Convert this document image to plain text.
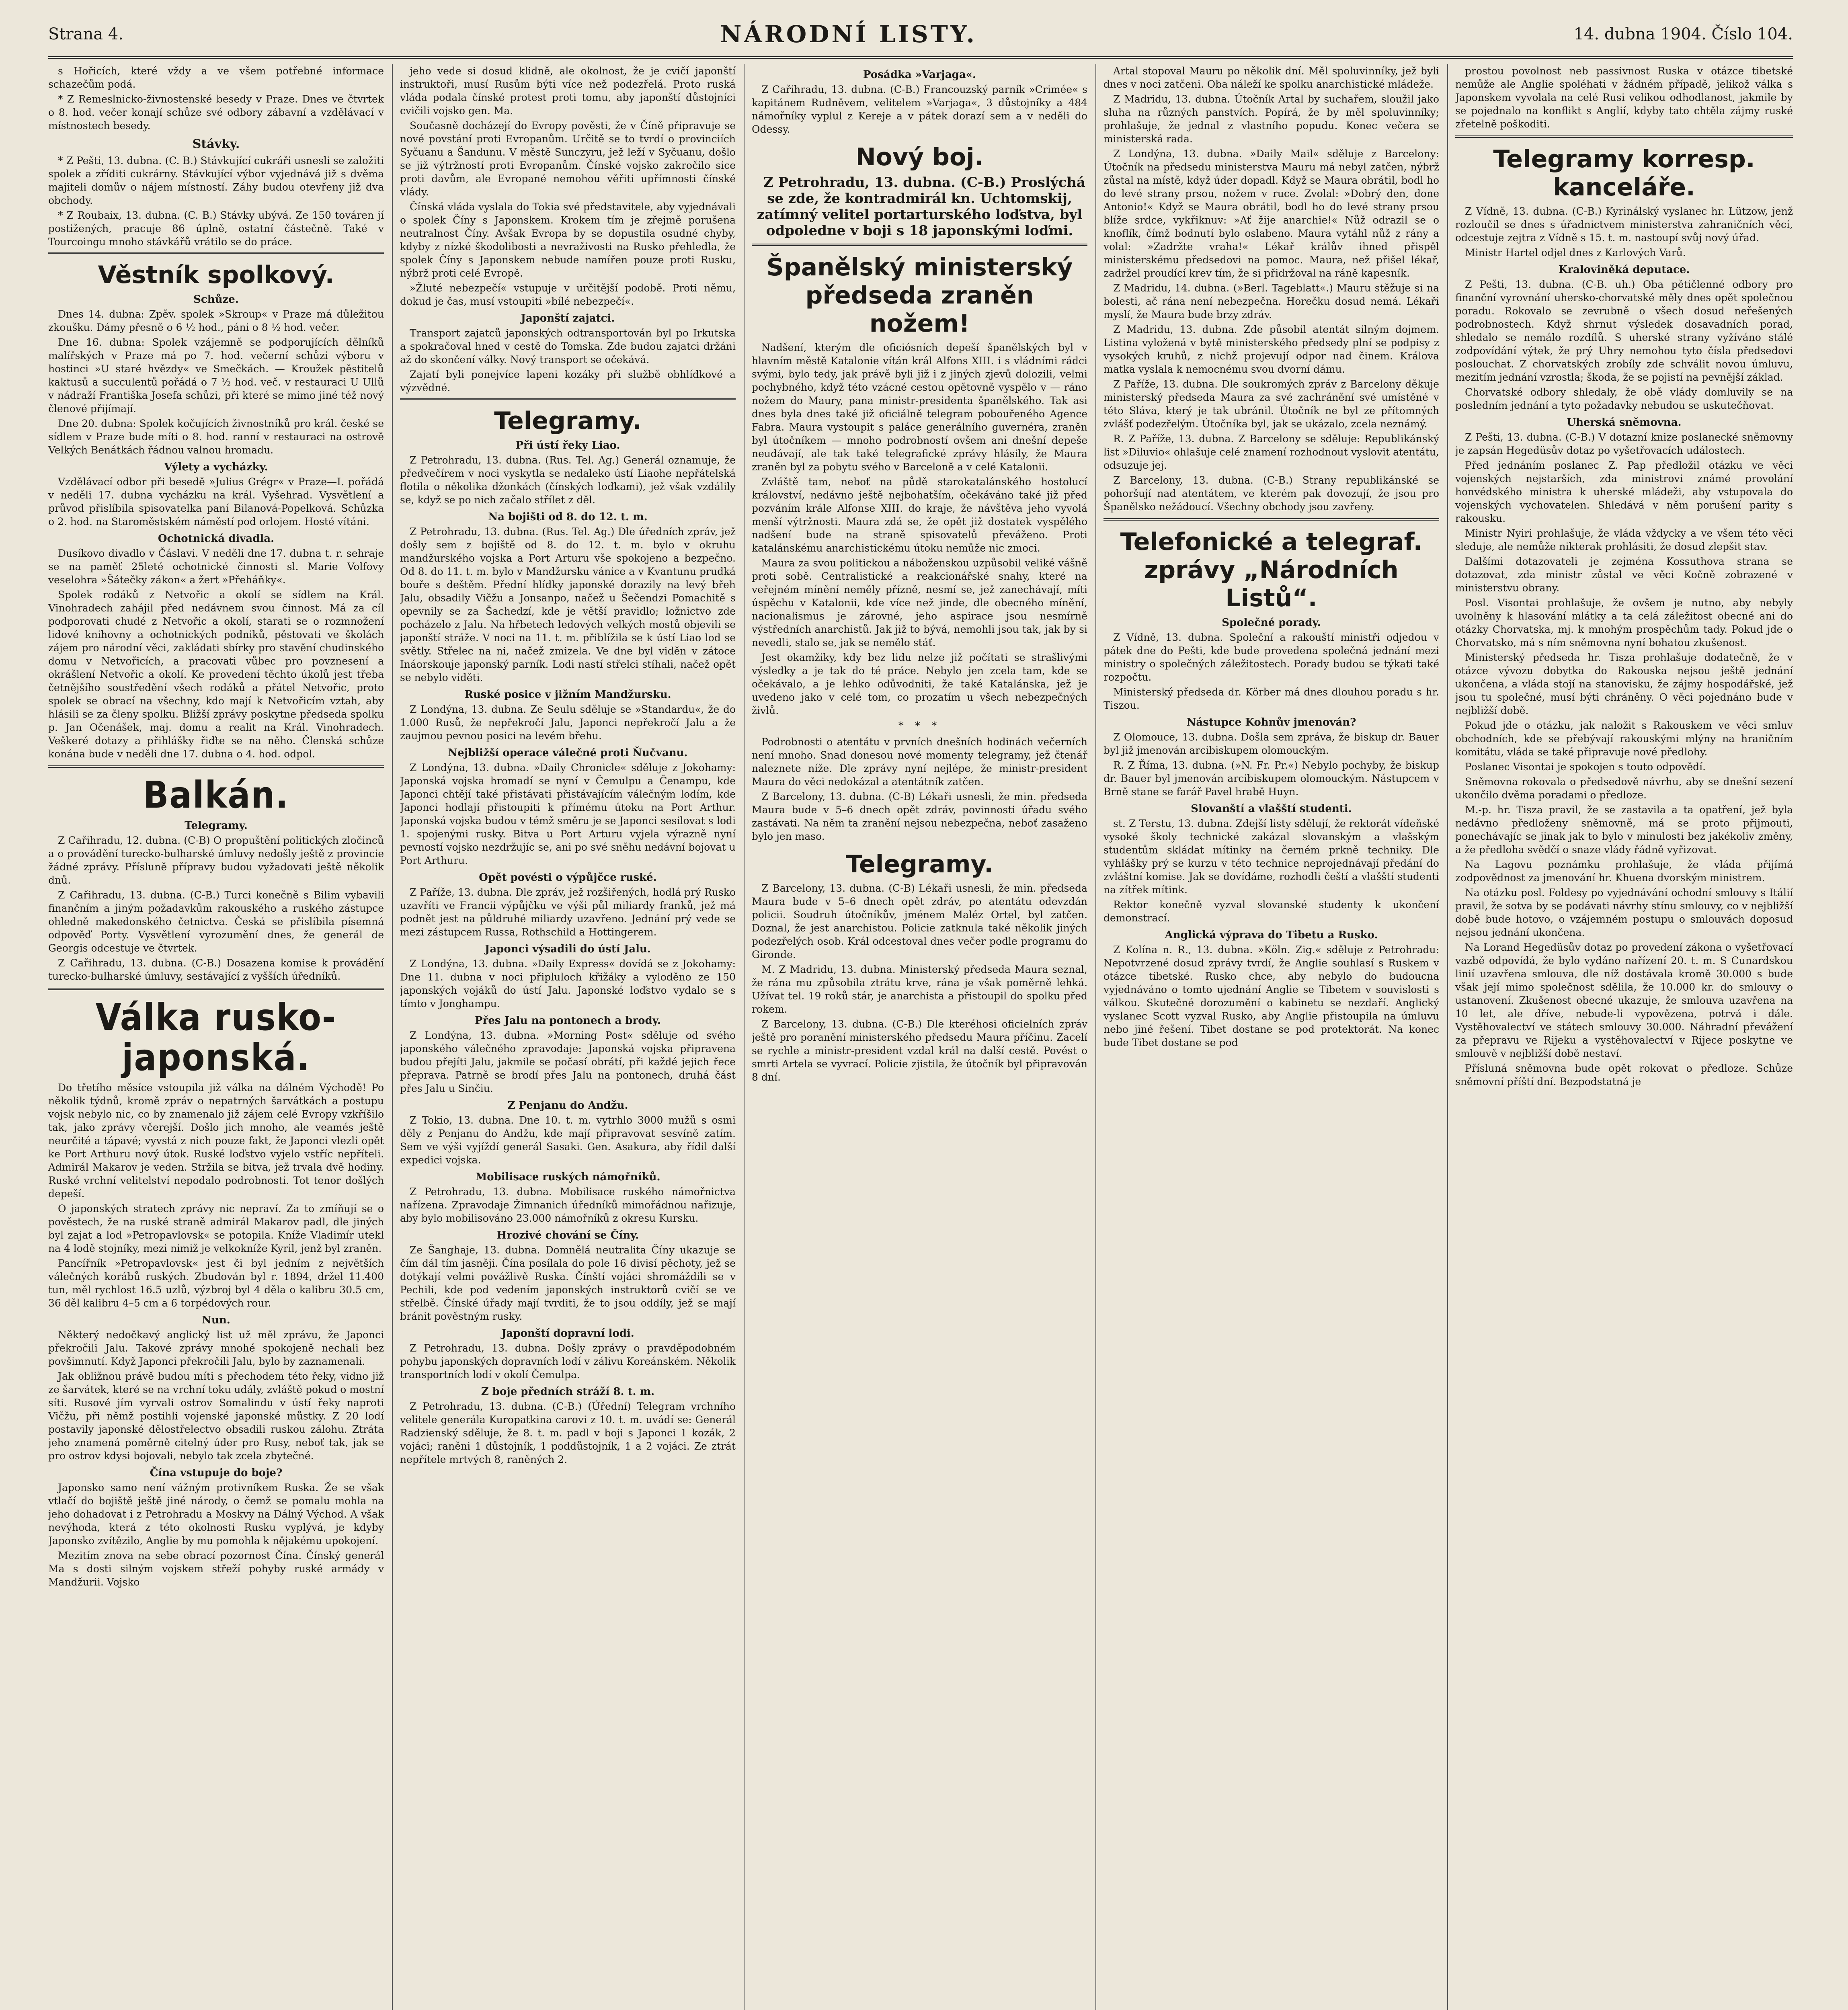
Strana 4.	NÁRODNÍ LISTY.	14. dubna 1904. Číslo 104.

s Hořicích, které vždy a ve všem potřebné informace schazečům podá.

* Z Remeslnicko-živnostenské besedy v Praze. Dnes ve čtvrtek o 8. hod. večer konají schůze své odbory zábavní a vzdělávací v místnostech besedy.

Stávky.

* Z Pešti, 13. dubna. (C. B.) Stávkující cukráři usnesli se založiti spolek a zříditi cukrárny. Stávkující výbor vyjednává již s dvěma majiteli domův o nájem místností. Záhy budou otevřeny již dva obchody.

* Z Roubaix, 13. dubna. (C. B.) Stávky ubývá. Ze 150 továren jí postižených, pracuje 86 úplně, ostatní částečně. Také v Tourcoingu mnoho stávkářů vrátilo se do práce.

Věstník spolkový.
Schůze.

Dnes 14. dubna: Zpěv. spolek »Skroup« v Praze má důležitou zkoušku. Dámy přesně o 6 ½ hod., páni o 8 ½ hod. večer.

Dne 16. dubna: Spolek vzájemně se podporujících dělníků malířských v Praze má po 7. hod. večerní schůzi výboru v hostinci »U staré hvězdy« ve Smečkách. — Kroužek pěstitelů kaktusů a succulentů pořádá o 7 ½ hod. več. v restauraci U Ullů v nádraží Františka Josefa schůzi, při které se mimo jiné též nový členové přijímají.

Dne 20. dubna: Spolek kočujících živnostníků pro král. české se sídlem v Praze bude míti o 8. hod. ranní v restauraci na ostrově Velkých Benátkách řádnou valnou hromadu.

Výlety a vycházky.

Vzdělávací odbor při besedě »Julius Grégr« v Praze—I. pořádá v neděli 17. dubna vycházku na král. Vyšehrad. Vysvětlení a průvod přislíbila spisovatelka paní Bilanová-Popelková. Schůzka o 2. hod. na Staroměstském náměstí pod orlojem. Hosté vítáni.

Ochotnická divadla.

Dusíkovo divadlo v Čáslavi. V neděli dne 17. dubna t. r. sehraje se na paměť 25leté ochotnické činnosti sl. Marie Volfovy veselohra »Šátečky zákon« a žert »Přeháňky«.

Spolek rodáků z Netvořic a okolí se sídlem na Král. Vinohradech zahájil před nedávnem svou činnost. Má za cíl podporovati chudé z Netvořic a okolí, starati se o rozmnožení lidové knihovny a ochotnických podniků, pěstovati ve školách zájem pro národní věci, zakládati sbírky pro stavění chudinského domu v Netvořicích, a pracovati vůbec pro povznesení a okrášlení Netvořic a okolí. Ke provedení těchto úkolů jest třeba četnějšího soustředění všech rodáků a přátel Netvořic, proto spolek se obrací na všechny, kdo mají k Netvořicím vztah, aby hlásili se za členy spolku. Bližší zprávy poskytne předseda spolku p. Jan Očenášek, maj. domu a realit na Král. Vinohradech. Veškeré dotazy a přihlášky řiďte se na něho. Členská schůze konána bude v neděli dne 17. dubna o 4. hod. odpol.

Balkán.
Telegramy.

Z Cařihradu, 12. dubna. (C-B) O propuštění politických zločinců a o provádění turecko-bulharské úmluvy nedošly ještě z provincie žádné zprávy. Přísluně přípravy budou vyžadovati ještě několik dnů.

Z Cařihradu, 13. dubna. (C-B.) Turci konečně s Bilim vybavili finančním a jiným požadavkům rakouského a ruského zástupce ohledně makedonského četnictva. Česká se přislíbila písemná odpověď Porty. Vysvětlení vyrozumění dnes, že generál de Georgis odcestuje ve čtvrtek.

Z Cařihradu, 13. dubna. (C-B.) Dosazena komise k provádění turecko-bulharské úmluvy, sestávající z vyšších úředníků.

Válka rusko-japonská.

Do třetího měsíce vstoupila již válka na dálném Východě! Po několik týdnů, kromě zpráv o nepatrných šarvátkách a postupu vojsk nebylo nic, co by znamenalo již zájem celé Evropy vzkříšilo tak, jako zprávy včerejší. Došlo jich mnoho, ale veamés ještě neurčité a tápavé; vyvstá z nich pouze fakt, že Japonci vlezli opět ke Port Arthuru nový útok. Ruské loďstvo vyjelo vstříc nepříteli. Admirál Makarov je veden. Stržila se bitva, jež trvala dvě hodiny. Ruské vrchní velitelství nepodalo podrobnosti. Tot tenor došlých depeší.

O japonských stratech zprávy nic nepraví. Za to zmíňují se o pověstech, že na ruské straně admirál Makarov padl, dle jiných byl zajat a lod »Petropavlovsk« se potopila. Kníže Vladimír utekl na 4 lodě stojníky, mezi nimiž je velkokníže Kyril, jenž byl zraněn.

Pancířník »Petropavlovsk« jest či byl jedním z největších válečných korábů ruských. Zbudován byl r. 1894, držel 11.400 tun, měl rychlost 16.5 uzlů, výzbroj byl 4 děla o kalibru 30.5 cm, 36 děl kalibru 4–5 cm a 6 torpédových rour.

Nun.

Některý nedočkavý anglický list už měl zprávu, že Japonci překročili Jalu. Takové zprávy mnohé spokojeně nechali bez povšimnutí. Když Japonci překročili Jalu, bylo by zaznamenali.

Jak obližnou právě budou míti s přechodem této řeky, vidno již ze šarvátek, které se na vrchní toku udály, zvláště pokud o mostní síti. Rusové jím vyrvali ostrov Somalindu v ústí řeky naproti Vičžu, při němž postihli vojenské japonské můstky. Z 20 lodí postavily japonské dělostřelectvo obsadili ruskou zálohu. Ztráta jeho znamená poměrně citelný úder pro Rusy, neboť tak, jak se pro ostrov kdysi bojovali, nebylo tak zcela zbytečné.

Čína vstupuje do boje?

Japonsko samo není vážným protivníkem Ruska. Že se však vtlačí do bojiště ještě jiné národy, o čemž se pomalu mohla na jeho dohadovat i z Petrohradu a Moskvy na Dálný Východ. A však nevýhoda, která z této okolnosti Rusku vyplývá, je kdyby Japonsko zvítězilo, Anglie by mu pomohla k nějakému upokojení.

Mezitím znova na sebe obrací pozornost Čína. Čínský generál Ma s dosti silným vojskem střeží pohyby ruské armády v Mandžurii. Vojsko

jeho vede si dosud klidně, ale okolnost, že je cvičí japonští instruktoři, musí Rusům býti více než podezřelá. Proto ruská vláda podala čínské protest proti tomu, aby japonští důstojníci cvičili vojsko gen. Ma.

Současně docházejí do Evropy pověsti, že v Číně připravuje se nové povstání proti Evropanům. Určitě se to tvrdí o provinciích Syčuanu a Šandunu. V městě Sunczyru, jež leží v Syčuanu, došlo se již výtržností proti Evropanům. Čínské vojsko zakročilo sice proti davům, ale Evropané nemohou věřiti upřímnosti čínské vlády.

Čínská vláda vyslala do Tokia své představitele, aby vyjednávali o spolek Číny s Japonskem. Krokem tím je zřejmě porušena neutralnost Číny. Avšak Evropa by se dopustila osudné chyby, kdyby z nízké škodolibosti a nevraživosti na Rusko přehledla, že spolek Číny s Japonskem nebude namířen pouze proti Rusku, nýbrž proti celé Evropě.

»Žluté nebezpečí« vstupuje v určitější podobě. Proti němu, dokud je čas, musí vstoupiti »bílé nebezpečí«.

Japonští zajatci.

Transport zajatců japonských odtransportován byl po Irkutska a spokračoval hned v cestě do Tomska. Zde budou zajatci držáni až do skončení války. Nový transport se očekává.

Zajatí byli ponejvíce lapeni kozáky při službě obhlídkové a výzvědné.

Telegramy.
Při ústí řeky Liao.

Z Petrohradu, 13. dubna. (Rus. Tel. Ag.) Generál oznamuje, že předvečírem v noci vyskytla se nedaleko ústí Liaohe nepřátelská flotila o několika džonkách (čínských loďkami), jež však vzdálily se, když se po nich začalo střílet z děl.

Na bojišti od 8. do 12. t. m.

Z Petrohradu, 13. dubna. (Rus. Tel. Ag.) Dle úředních zpráv, jež došly sem z bojiště od 8. do 12. t. m. bylo v okruhu mandžurského vojska a Port Arturu vše spokojeno a bezpečno. Od 8. do 11. t. m. bylo v Mandžursku vánice a v Kvantunu prudká bouře s deštěm. Přední hlídky japonské dorazily na levý břeh Jalu, obsadily Vičžu a Jonsanpo, načež u Šečendzi Pomachitě s opevnily se za Šachedzí, kde je větší pravidlo; ložnictvo zde pocházelo z Jalu. Na hřbetech ledových velkých mostů objevili se japonští stráže. V noci na 11. t. m. přiblížila se k ústí Liao lod se světly. Střelec na ni, načež zmizela. Ve dne byl viděn v zátoce Ináorskouje japonský parník. Lodi nastí střelci stíhali, načež opět se nebylo viděti.

Ruské posice v jižním Mandžursku.

Z Londýna, 13. dubna. Ze Seulu sděluje se »Standardu«, že do 1.000 Rusů, že nepřekročí Jalu, Japonci nepřekročí Jalu a že zaujmou pevnou posici na levém břehu.

Nejbližší operace válečné proti Ňučvanu.

Z Londýna, 13. dubna. »Daily Chronicle« sděluje z Jokohamy: Japonská vojska hromadí se nyní v Čemulpu a Čenampu, kde Japonci chtějí také přistávati přistávajícím válečným lodím, kde Japonci hodlají přistoupiti k přímému útoku na Port Arthur. Japonská vojska budou v témž směru je se Japonci sesilovat s lodi 1. spojenými rusky. Bitva u Port Arturu vyjela výrazně nyní pevností vojsko nezdržujíc se, ani po své sněhu nedávní bojovat u Port Arthuru.

Opět povésti o výpůjčce ruské.

Z Paříže, 13. dubna. Dle zpráv, jež rozšiřených, hodlá prý Rusko uzavříti ve Francii výpůjčku ve výši půl miliardy franků, jež má podnět jest na půldruhé miliardy uzavřeno. Jednání prý vede se mezi zástupcem Russa, Rothschild a Hottingerem.

Japonci výsadili do ústí Jalu.

Z Londýna, 13. dubna. »Daily Express« dovídá se z Jokohamy: Dne 11. dubna v noci připluloch křižáky a vyloděno ze 150 japonských vojáků do ústí Jalu. Japonské loďstvo vydalo se s tímto v Jonghampu.

Přes Jalu na pontonech a brody.

Z Londýna, 13. dubna. »Morning Post« sděluje od svého japonského válečného zpravodaje: Japonská vojska připravena budou přejíti Jalu, jakmile se počasí obrátí, při každé jejich řece přeprava. Patrně se brodí přes Jalu na pontonech, druhá část přes Jalu u Sinčiu.

Z Penjanu do Andžu.

Z Tokio, 13. dubna. Dne 10. t. m. vytrhlo 3000 mužů s osmi děly z Penjanu do Andžu, kde mají připravovat sesvíně zatím. Sem ve výši vyjíždí generál Sasaki. Gen. Asakura, aby řídil další expedici vojska.

Mobilisace ruských námořníků.

Z Petrohradu, 13. dubna. Mobilisace ruského námořnictva nařízena. Zpravodaje Žimnanich úředníků mimořádnou nařizuje, aby bylo mobilisováno 23.000 námořníků z okresu Kursku.

Hrozivé chování se Číny.

Ze Šanghaje, 13. dubna. Domnělá neutralita Číny ukazuje se čím dál tím jasněji. Čína posílala do pole 16 divisí pěchoty, jež se dotýkají velmi povážlivě Ruska. Čínští vojáci shromáždili se v Pechili, kde pod vedením japonských instruktorů cvičí se ve střelbě. Čínské úřady mají tvrditi, že to jsou oddíly, jež se mají bránit pověstným rusky.

Japonští dopravní lodi.

Z Petrohradu, 13. dubna. Došly zprávy o pravděpodobném pohybu japonských dopravních lodí v zálivu Koreánském. Několik transportních lodí v okolí Čemulpa.

Z boje předních stráží 8. t. m.

Z Petrohradu, 13. dubna. (C-B.) (Úřední) Telegram vrchního velitele generála Kuropatkina carovi z 10. t. m. uvádí se: Generál Radzienský sděluje, že 8. t. m. padl v boji s Japonci 1 kozák, 2 vojáci; raněni 1 důstojník, 1 poddůstojník, 1 a 2 vojáci. Ze ztrát nepřítele mrtvých 8, raněných 2.

Posádka »Varjaga«.

Z Cařihradu, 13. dubna. (C-B.) Francouzský parník »Crimée« s kapitánem Rudněvem, velitelem »Varjaga«, 3 důstojníky a 484 námořníky vyplul z Kereje a v pátek dorazí sem a v neděli do Odessy.

Nový boj.

Z Petrohradu, 13. dubna. (C-B.) Proslýchá se zde, že kontradmirál kn. Uchtomskij, zatímný velitel portarturského loďstva, byl odpoledne v boji s 18 japonskými loďmi.

Španělský ministerský předseda zraněn nožem!

Nadšení, kterým dle oficiósních depeší španělských byl v hlavním městě Katalonie vítán král Alfons XIII. i s vládními rádci svými, bylo tedy, jak právě byli již i z jiných zjevů dolozili, velmi pochybného, když této vzácné cestou opětovně vyspělo v — ráno nožem do Maury, pana ministr-presidenta španělského. Tak asi dnes byla dnes také již oficiálně telegram pobouřeného Agence Fabra. Maura vystoupit s paláce generálního guvernéra, zraněn byl útočníkem — mnoho podrobností ovšem ani dnešní depeše neudávají, ale tak také telegrafické zprávy hlásily, že Maura zraněn byl za pobytu svého v Barceloně a v celé Katalonii.

Zvláště tam, neboť na půdě starokatalánského hostolucí království, nedávno ještě nejbohatším, očekáváno také již před pozváním krále Alfonse XIII. do kraje, že návštěva jeho vyvolá menší výtržnosti. Maura zdá se, že opět již dostatek vyspělého nadšení bude na straně spisovatelů převáženo. Proti katalánskému anarchistickému útoku nemůže nic zmoci.

Maura za svou politickou a náboženskou uzpůsobil veliké vášně proti sobě. Centralistické a reakcionářské snahy, které na veřejném mínění neměly přízně, nesmí se, jež zanechávají, míti úspěchu v Katalonii, kde více než jinde, dle obecného mínění, nacionalismus je zárovné, jeho aspirace jsou nesmírně výstředních anarchistů. Jak již to bývá, nemohli jsou tak, jak by si nevedli, stalo se, jak se nemělo stáť.

Jest okamžiky, kdy bez lidu nelze již počítati se strašlivými výsledky a je tak do té práce. Nebylo jen zcela tam, kde se očekávalo, a je lehko odůvodniti, že také Katalánska, jež je uvedeno jako v celé tom, co prozatím u všech nebezpečných živlů.

* * *

Podrobnosti o atentátu v prvních dnešních hodinách večerních není mnoho. Snad donesou nové momenty telegramy, jež čtenář naleznete níže. Dle zprávy nyní nejlépe, že ministr-president Maura do věci nedokázal a atentátník zatčen.

Z Barcelony, 13. dubna. (C-B) Lékaři usnesli, že min. předseda Maura bude v 5–6 dnech opět zdráv, povinnosti úřadu svého zastávati. Na něm ta zranění nejsou nebezpečna, neboť zasaženo bylo jen maso.

Telegramy.

Z Barcelony, 13. dubna. (C-B) Lékaři usnesli, že min. předseda Maura bude v 5–6 dnech opět zdráv, po atentátu odevzdán policii. Soudruh útočníkův, jménem Maléz Ortel, byl zatčen. Doznal, že jest anarchistou. Policie zatknula také několik jiných podezřelých osob. Král odcestoval dnes večer podle programu do Gironde.

M. Z Madridu, 13. dubna. Ministerský předseda Maura seznal, že rána mu způsobila ztrátu krve, rána je však poměrně lehká. Užívat tel. 19 roků stár, je anarchista a přistoupil do spolku před rokem.

Z Barcelony, 13. dubna. (C-B.) Dle kteréhosi oficielních zpráv ještě pro poranění ministerského předsedu Maura příčinu. Zacelí se rychle a ministr-president vzdal král na další cestě. Povést o smrti Artela se vyvrací. Policie zjistila, že útočník byl připravován 8 dní.

Artal stopoval Mauru po několik dní. Měl spoluvinníky, jež byli dnes v noci zatčeni. Oba náleží ke spolku anarchistické mládeže.

Z Madridu, 13. dubna. Útočník Artal by suchařem, sloužil jako sluha na různých panstvích. Popírá, že by měl spoluvinníky; prohlašuje, že jednal z vlastního popudu. Konec večera se ministerská rada.

Z Londýna, 13. dubna. »Daily Mail« sděluje z Barcelony: Útočník na předsedu ministerstva Mauru má nebyl zatčen, nýbrž zůstal na místě, když úder dopadl. Když se Maura obrátil, bodl ho do levé strany prsou, nožem v ruce. Zvolal: »Dobrý den, done Antonio!« Když se Maura obrátil, bodl ho do levé strany prsou blíže srdce, vykřiknuv: »Ať žije anarchie!« Nůž odrazil se o knoflík, čímž bodnutí bylo oslabeno. Maura vytáhl nůž z rány a volal: »Zadržte vraha!« Lékař králův ihned přispěl ministerskému předsedovi na pomoc. Maura, než přišel lékař, zadržel proudící krev tím, že si přidržoval na ráně kapesník.

Z Madridu, 14. dubna. (»Berl. Tageblatt«.) Mauru stěžuje si na bolesti, ač rána není nebezpečna. Horečku dosud nemá. Lékaři myslí, že Maura bude brzy zdráv.

Z Madridu, 13. dubna. Zde působil atentát silným dojmem. Listina vyložená v bytě ministerského předsedy plní se podpisy z vysokých kruhů, z nichž projevují odpor nad činem. Králova matka vyslala k nemocnému svou dvorní dámu.

Z Paříže, 13. dubna. Dle soukromých zpráv z Barcelony děkuje ministerský předseda Maura za své zachránění své umístěné v této Sláva, který je tak ubránil. Útočník ne byl ze přítomných zvlášť podezřelým. Útočníka byl, jak se ukázalo, zcela neznámý.

R. Z Paříže, 13. dubna. Z Barcelony se sděluje: Republikánský list »Diluvio« ohlašuje celé znamení rozhodnout vyslovit atentátu, odsuzuje jej.

Z Barcelony, 13. dubna. (C-B.) Strany republikánské se pohoršují nad atentátem, ve kterém pak dovozují, že jsou pro Španělsko nežádoucí. Všechny obchody jsou zavřeny.

Telefonické a telegraf. zprávy „Národních Listů“.
Společné porady.

Z Vídně, 13. dubna. Společní a rakouští ministři odjedou v pátek dne do Pešti, kde bude provedena společná jednání mezi ministry o společných záležitostech. Porady budou se týkati také rozpočtu.

Ministerský předseda dr. Körber má dnes dlouhou poradu s hr. Tiszou.

Nástupce Kohnův jmenován?

Z Olomouce, 13. dubna. Došla sem zpráva, že biskup dr. Bauer byl již jmenován arcibiskupem olomouckým.

R. Z Říma, 13. dubna. (»N. Fr. Pr.«) Nebylo pochyby, že biskup dr. Bauer byl jmenován arcibiskupem olomouckým. Nástupcem v Brně stane se farář Pavel hrabě Huyn.

Slovanští a vlašští studenti.

st. Z Terstu, 13. dubna. Zdejší listy sdělují, že rektorát vídeňské vysoké školy technické zakázal slovanským a vlašským studentům skládat mítinky na černém prkně techniky. Dle vyhlášky prý se kurzu v této technice neprojednávají předání do zvláštní komise. Jak se dovídáme, rozhodli čeští a vlašští studenti na zítřek mítink.

Rektor konečně vyzval slovanské studenty k ukončení demonstrací.

Anglická výprava do Tibetu a Rusko.

Z Kolína n. R., 13. dubna. »Köln. Zig.« sděluje z Petrohradu: Nepotvrzené dosud zprávy tvrdí, že Anglie souhlasí s Ruskem v otázce tibetské. Rusko chce, aby nebylo do budoucna vyjednáváno o tomto ujednání Anglie se Tibetem v souvislosti s válkou. Skutečné dorozumění o kabinetu se nezdaří. Anglický vyslanec Scott vyzval Rusko, aby Anglie přistoupila na úmluvu nebo jiné řešení. Tibet dostane se pod protektorát. Na konec bude Tibet dostane se pod

prostou povolnost neb passivnost Ruska v otázce tibetské nemůže ale Anglie spoléhati v žádném případě, jelikož válka s Japonskem vyvolala na celé Rusi velikou odhodlanost, jakmile by se pojednalo na konflikt s Anglií, kdyby tato chtěla zájmy ruské zřetelně poškoditi.

Telegramy korresp. kanceláře.

Z Vídně, 13. dubna. (C-B.) Kyrinálský vyslanec hr. Lützow, jenž rozloučil se dnes s úřadnictvem ministerstva zahraničních věcí, odcestuje zejtra z Vídně s 15. t. m. nastoupí svůj nový úřad.

Ministr Hartel odjel dnes z Karlových Varů.

Kraloviněká deputace.

Z Pešti, 13. dubna. (C-B. uh.) Oba pětičlenné odbory pro finanční vyrovnání uhersko-chorvatské měly dnes opět společnou poradu. Rokovalo se zevrubně o všech dosud neřešených podrobnostech. Když shrnut výsledek dosavadních porad, shledalo se nemálo rozdílů. S uherské strany vyžíváno stálé zodpovídání výtek, že prý Uhry nemohou tyto čísla předsedovi poslouchat. Z chorvatských zrobíly zde schválit novou úmluvu, mezitím jednání vzrostla; škoda, že se pojistí na pevnější základ.

Chorvatské odbory shledaly, že obě vlády domluvily se na posledním jednání a tyto požadavky nebudou se uskutečňovat.

Uherská sněmovna.

Z Pešti, 13. dubna. (C-B.) V dotazní knize poslanecké sněmovny je zapsán Hegedüsův dotaz po vyšetřovacích událostech.

Před jednáním poslanec Z. Pap předložil otázku ve věci vojenských nejstarších, zda ministrovi známé provolání honvédského ministra k uherské mládeži, aby vstupovala do vojenských vychovatelen. Shledává v něm porušení parity s rakousku.

Ministr Nyiri prohlašuje, že vláda vždycky a ve všem této věci sleduje, ale nemůže nikterak prohlásiti, že dosud zlepšit stav.

Dalšími dotazovateli je zejména Kossuthova strana se dotazovat, zda ministr zůstal ve věci Kočně zobrazené v ministerstvu obrany.

Posl. Visontai prohlašuje, že ovšem je nutno, aby nebyly uvolněny k hlasování mlátky a ta celá záležitost obecné ani do otázky Chorvatska, mj. k mnohým prospěchům tady. Pokud jde o Chorvatsko, má s ním sněmovna nyní bohatou zkušenost.

Ministerský předseda hr. Tisza prohlašuje dodatečně, že v otázce vývozu dobytka do Rakouska nejsou ještě jednání ukončena, a vláda stojí na stanovisku, že zájmy hospodářské, jež jsou tu společné, musí býti chráněny. O věci pojednáno bude v nejbližší době.

Pokud jde o otázku, jak naložit s Rakouskem ve věci smluv obchodních, kde se přebývají rakouskými mlýny na hraničním komitátu, vláda se také připravuje nové předlohy.

Poslanec Visontai je spokojen s touto odpovědí.

Sněmovna rokovala o předsedově návrhu, aby se dnešní sezení ukončilo dvěma poradami o předloze.

M.-p. hr. Tisza pravil, že se zastavila a ta opatření, jež byla nedávno předloženy sněmovně, má se proto přijmouti, ponechávajíc se jinak jak to bylo v minulosti bez jakékoliv změny, a že předloha svědčí o snaze vlády řádně vyřizovat.

Na Lagovu poznámku prohlašuje, že vláda přijímá zodpovědnost za jmenování hr. Khuena dvorským ministrem.

Na otázku posl. Foldesy po vyjednávání ochodní smlouvy s Itálií pravil, že sotva by se podávati návrhy stínu smlouvy, co v nejbližší době bude hotovo, o vzájemném postupu o smlouvách doposud nejsou jednání ukončena.

Na Lorand Hegedüsův dotaz po provedení zákona o vyšetřovací vazbě odpovídá, že bylo vydáno nařízení 20. t. m. S Cunardskou linií uzavřena smlouva, dle níž dostávala kromě 30.000 s bude však její mimo společnost sdělila, že 10.000 kr. do smlouvy o ustanovení. Zkušenost obecné ukazuje, že smlouva uzavřena na 10 let, ale dříve, nebude-li vypovězena, potrvá i dále. Vystěhovalectví ve státech smlouvy 30.000. Náhradní převážení za přepravu ve Rijeku a vystěhovalectví v Rijece poskytne ve smlouvě v nejbližší době nestaví.

Přísluná sněmovna bude opět rokovat o předloze. Schůze sněmovní příští dní. Bezpodstatná je
